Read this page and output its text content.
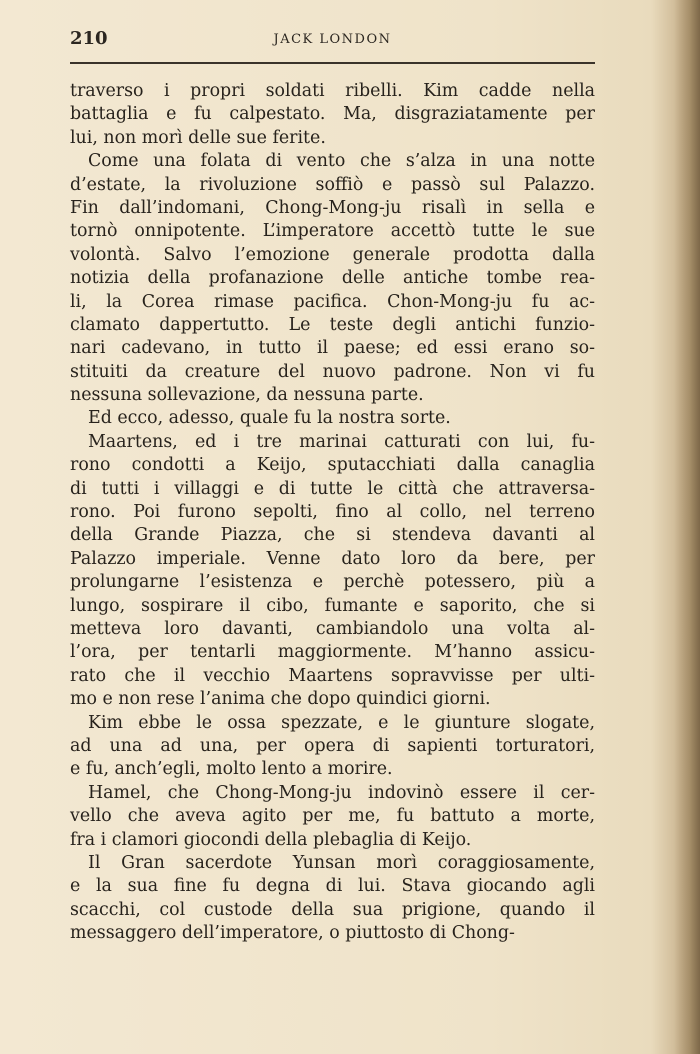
210	JACK LONDON
traverso i propri soldati ribelli. Kim cadde nella
battaglia e fu calpestato. Ma, disgraziatamente per
lui, non morì delle sue ferite.
Come una folata di vento che s’alza in una notte
d’estate, la rivoluzione soffiò e passò sul Palazzo.
Fin dall’indomani, Chong-Mong-ju risalì in sella e
tornò onnipotente. L’imperatore accettò tutte le sue
volontà. Salvo l’emozione generale prodotta dalla
notizia della profanazione delle antiche tombe rea-
li, la Corea rimase pacifica. Chon-Mong-ju fu ac-
clamato dappertutto. Le teste degli antichi funzio-
nari cadevano, in tutto il paese; ed essi erano so-
stituiti da creature del nuovo padrone. Non vi fu
nessuna sollevazione, da nessuna parte.
Ed ecco, adesso, quale fu la nostra sorte.
Maartens, ed i tre marinai catturati con lui, fu-
rono condotti a Keijo, sputacchiati dalla canaglia
di tutti i villaggi e di tutte le città che attraversa-
rono. Poi furono sepolti, fino al collo, nel terreno
della Grande Piazza, che si stendeva davanti al
Palazzo imperiale. Venne dato loro da bere, per
prolungarne l’esistenza e perchè potessero, più a
lungo, sospirare il cibo, fumante e saporito, che si
metteva loro davanti, cambiandolo una volta al-
l’ora, per tentarli maggiormente. M’hanno assicu-
rato che il vecchio Maartens sopravvisse per ulti-
mo e non rese l’anima che dopo quindici giorni.
Kim ebbe le ossa spezzate, e le giunture slogate,
ad una ad una, per opera di sapienti torturatori,
e fu, anch’egli, molto lento a morire.
Hamel, che Chong-Mong-ju indovinò essere il cer-
vello che aveva agito per me, fu battuto a morte,
fra i clamori giocondi della plebaglia di Keijo.
Il Gran sacerdote Yunsan morì coraggiosamente,
e la sua fine fu degna di lui. Stava giocando agli
scacchi, col custode della sua prigione, quando il
messaggero dell’imperatore, o piuttosto di Chong-
